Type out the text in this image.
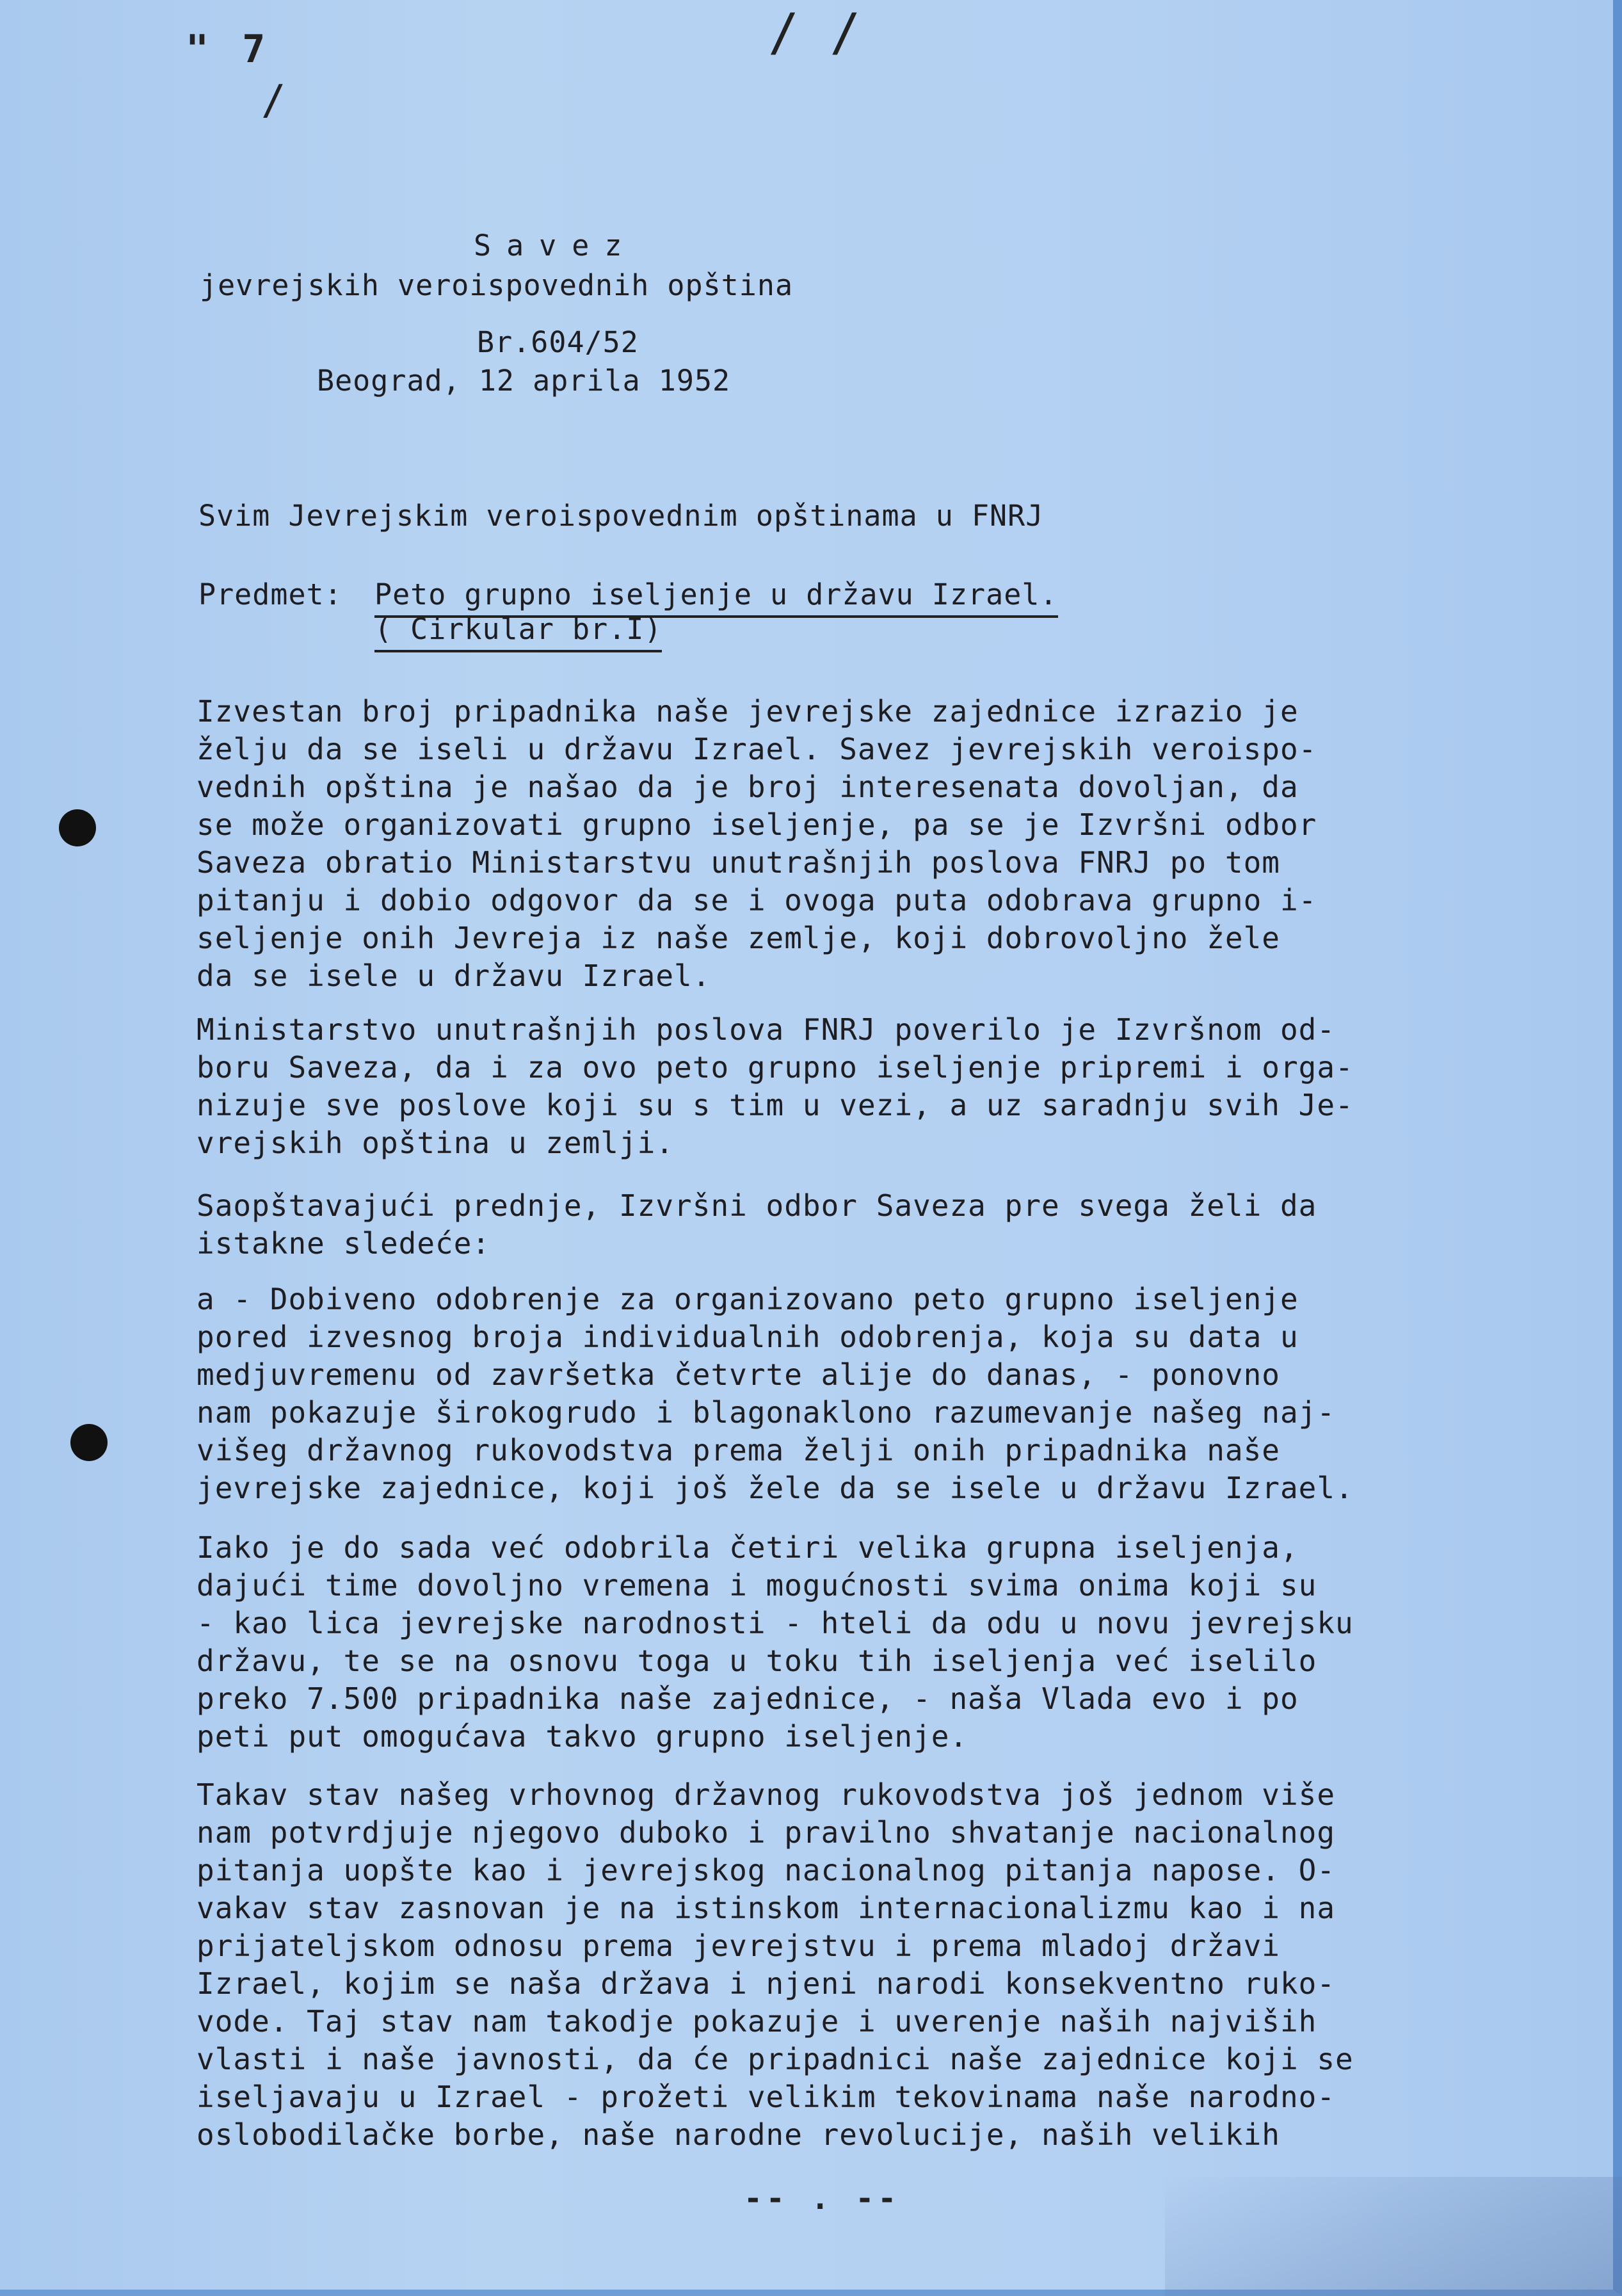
" 7	/ /
/
Savez
jevrejskih veroispovednih opština
Br.604/52
Beograd, 12 aprila 1952
Svim Jevrejskim veroispovednim opštinama u FNRJ
Predmet: Peto grupno iseljenje u državu Izrael.
( Cirkular br.I)
Izvestan broj pripadnika naše jevrejske zajednice izrazio je
želju da se iseli u državu Izrael. Savez jevrejskih veroispo-
vednih opština je našao da je broj interesenata dovoljan, da
se može organizovati grupno iseljenje, pa se je Izvršni odbor
Saveza obratio Ministarstvu unutrašnjih poslova FNRJ po tom
pitanju i dobio odgovor da se i ovoga puta odobrava grupno i-
seljenje onih Jevreja iz naše zemlje, koji dobrovoljno žele
da se isele u državu Izrael.
Ministarstvo unutrašnjih poslova FNRJ poverilo je Izvršnom od-
boru Saveza, da i za ovo peto grupno iseljenje pripremi i orga-
nizuje sve poslove koji su s tim u vezi, a uz saradnju svih Je-
vrejskih opština u zemlji.
Saopštavajući prednje, Izvršni odbor Saveza pre svega želi da
istakne sledeće:
a - Dobiveno odobrenje za organizovano peto grupno iseljenje
pored izvesnog broja individualnih odobrenja, koja su data u
medjuvremenu od završetka četvrte alije do danas, - ponovno
nam pokazuje širokogrudo i blagonaklono razumevanje našeg naj-
višeg državnog rukovodstva prema želji onih pripadnika naše
jevrejske zajednice, koji još žele da se isele u državu Izrael.
Iako je do sada već odobrila četiri velika grupna iseljenja,
dajući time dovoljno vremena i mogućnosti svima onima koji su
- kao lica jevrejske narodnosti - hteli da odu u novu jevrejsku
državu, te se na osnovu toga u toku tih iseljenja već iselilo
preko 7.500 pripadnika naše zajednice, - naša Vlada evo i po
peti put omogućava takvo grupno iseljenje.
Takav stav našeg vrhovnog državnog rukovodstva još jednom više
nam potvrdjuje njegovo duboko i pravilno shvatanje nacionalnog
pitanja uopšte kao i jevrejskog nacionalnog pitanja napose. O-
vakav stav zasnovan je na istinskom internacionalizmu kao i na
prijateljskom odnosu prema jevrejstvu i prema mladoj državi
Izrael, kojim se naša država i njeni narodi konsekventno ruko-
vode. Taj stav nam takodje pokazuje i uverenje naših najviših
vlasti i naše javnosti, da će pripadnici naše zajednice koji se
iseljavaju u Izrael - prožeti velikim tekovinama naše narodno-
oslobodilačke borbe, naše narodne revolucije, naših velikih
-- . --
